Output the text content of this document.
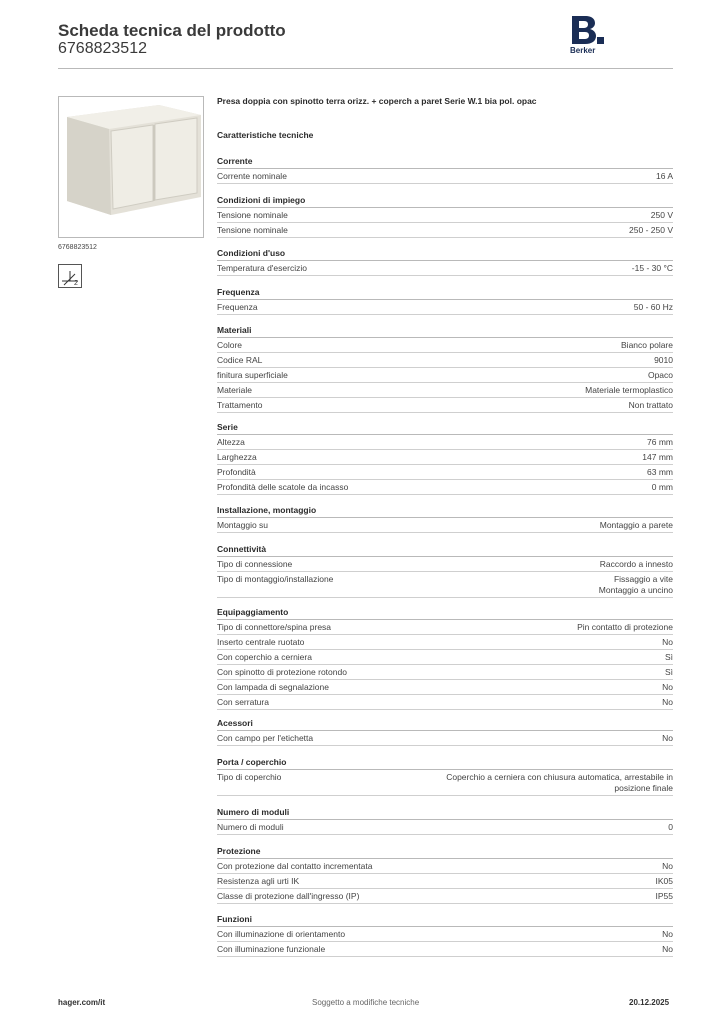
Scheda tecnica del prodotto
6768823512	Berker
6768823512
2
Presa doppia con spinotto terra orizz. + coperch a paret Serie W.1 bia pol. opac
Caratteristiche tecniche
Corrente
Corrente nominale	16 A
Condizioni di impiego
Tensione nominale	250 V
Tensione nominale	250 - 250 V
Condizioni d'uso
Temperatura d'esercizio	-15 - 30 °C
Frequenza
Frequenza	50 - 60 Hz
Materiali
Colore	Bianco polare
Codice RAL	9010
finitura superficiale	Opaco
Materiale	Materiale termoplastico
Trattamento	Non trattato
Serie
Altezza	76 mm
Larghezza	147 mm
Profondità	63 mm
Profondità delle scatole da incasso	0 mm
Installazione, montaggio
Montaggio su	Montaggio a parete
Connettività
Tipo di connessione	Raccordo a innesto
Tipo di montaggio/installazione	Fissaggio a vite
Montaggio a uncino
Equipaggiamento
Tipo di connettore/spina presa	Pin contatto di protezione
Inserto centrale ruotato	No
Con coperchio a cerniera	Sì
Con spinotto di protezione rotondo	Sì
Con lampada di segnalazione	No
Con serratura	No
Acessori
Con campo per l'etichetta	No
Porta / coperchio
Tipo di coperchio	Coperchio a cerniera con chiusura automatica, arrestabile in
posizione finale
Numero di moduli
Numero di moduli	0
Protezione
Con protezione dal contatto incrementata	No
Resistenza agli urti IK	IK05
Classe di protezione dall'ingresso (IP)	IP55
Funzioni
Con illuminazione di orientamento	No
Con illuminazione funzionale	No
hager.com/it	Soggetto a modifiche tecniche	20.12.2025
